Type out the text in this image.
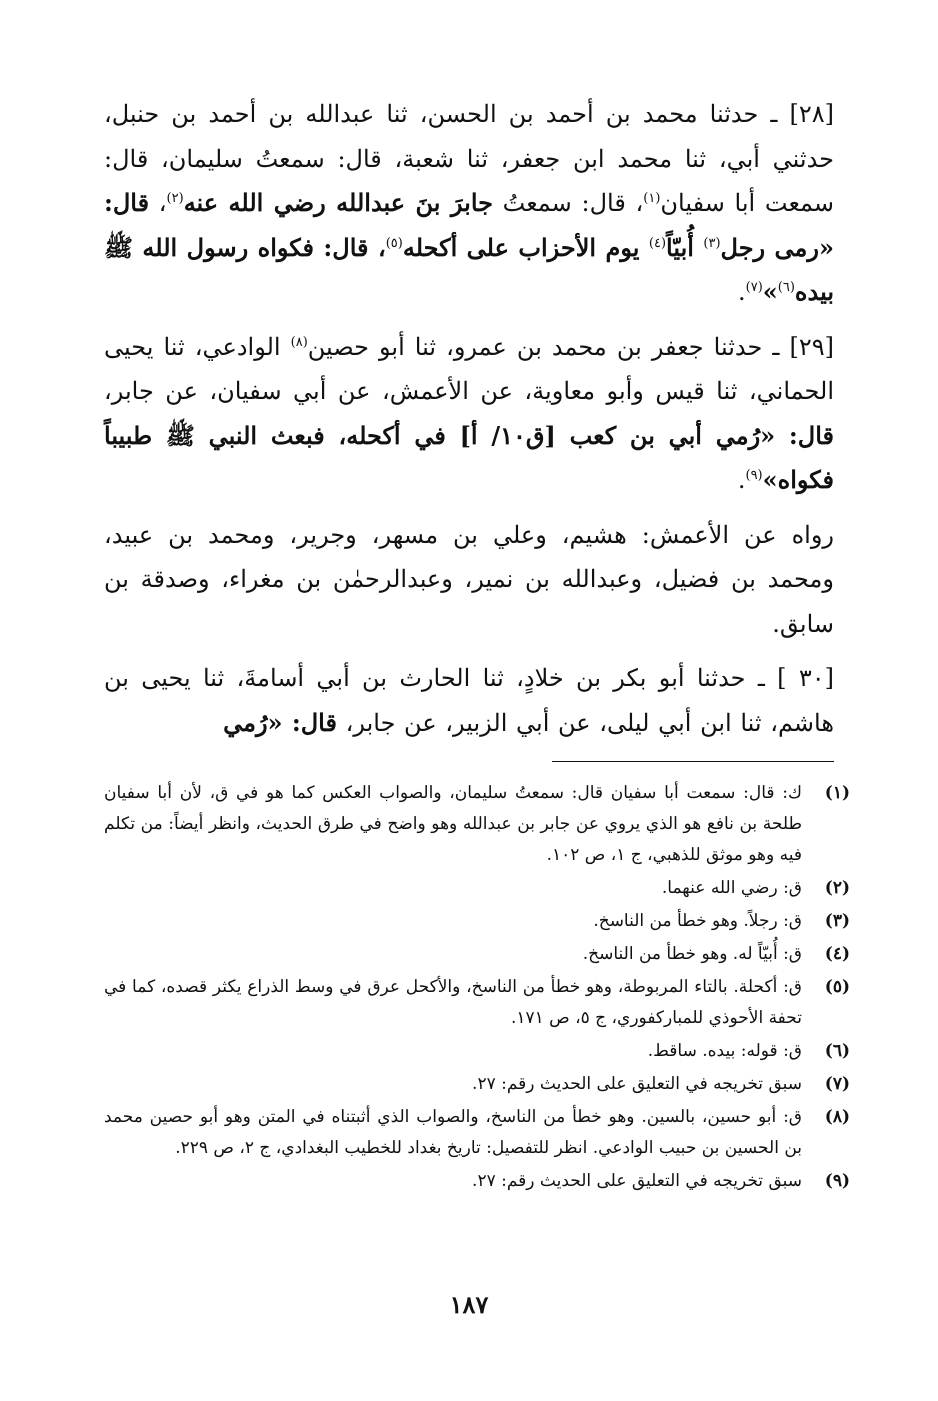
[٢٨] ـ حدثنا محمد بن أحمد بن الحسن، ثنا عبدالله بن أحمد بن حنبل، حدثني أبي، ثنا محمد ابن جعفر، ثنا شعبة، قال: سمعتُ سليمان، قال: سمعت أبا سفيان$^{(١)}$، قال: سمعتُ جابرَ بنَ عبدالله رضي الله عنه$^{(٢)}$، قال: «رمى رجل$^{(٣)}$ أُبيّاً$^{(٤)}$ يوم الأحزاب على أكحله$^{(٥)}$، قال: فكواه رسول الله ﷺ بيده$^{(٦)}$»$^{(٧)}$.

[٢٩] ـ حدثنا جعفر بن محمد بن عمرو، ثنا أبو حصين$^{(٨)}$ الوادعي، ثنا يحيى الحماني، ثنا قيس وأبو معاوية، عن الأعمش، عن أبي سفيان، عن جابر، قال: «رُمي أبي بن كعب [ق١٠/ أ] في أكحله، فبعث النبي ﷺ طبيباً فكواه»$^{(٩)}$.

رواه عن الأعمش: هشيم، وعلي بن مسهر، وجرير، ومحمد بن عبيد، ومحمد بن فضيل، وعبدالله بن نمير، وعبدالرحمٰن بن مغراء، وصدقة بن سابق.

[٣٠ ] ـ حدثنا أبو بكر بن خلادٍ، ثنا الحارث بن أبي أسامةَ، ثنا يحيى بن هاشم، ثنا ابن أبي ليلى، عن أبي الزبير، عن جابر، قال: «رُمي

(١)
ك: قال: سمعت أبا سفيان قال: سمعتُ سليمان، والصواب العكس كما هو في ق، لأن أبا سفيان طلحة بن نافع هو الذي يروي عن جابر بن عبدالله وهو واضح في طرق الحديث، وانظر أيضاً: من تكلم فيه وهو موثق للذهبي، ج ١، ص ١٠٢.
(٢)
ق: رضي الله عنهما.
(٣)
ق: رجلاً. وهو خطأ من الناسخ.
(٤)
ق: أُبيّاً له. وهو خطأ من الناسخ.
(٥)
ق: أكحلة. بالتاء المربوطة، وهو خطأ من الناسخ، والأكحل عرق في وسط الذراع يكثر قصده، كما في تحفة الأحوذي للمباركفوري، ج ٥، ص ١٧١.
(٦)
ق: قوله: بيده. ساقط.
(٧)
سبق تخريجه في التعليق على الحديث رقم: ٢٧.
(٨)
ق: أبو حسين، بالسين. وهو خطأ من الناسخ، والصواب الذي أثبتناه في المتن وهو أبو حصين محمد بن الحسين بن حبيب الوادعي. انظر للتفصيل: تاريخ بغداد للخطيب البغدادي، ج ٢، ص ٢٢٩.
(٩)
سبق تخريجه في التعليق على الحديث رقم: ٢٧.
١٨٧
